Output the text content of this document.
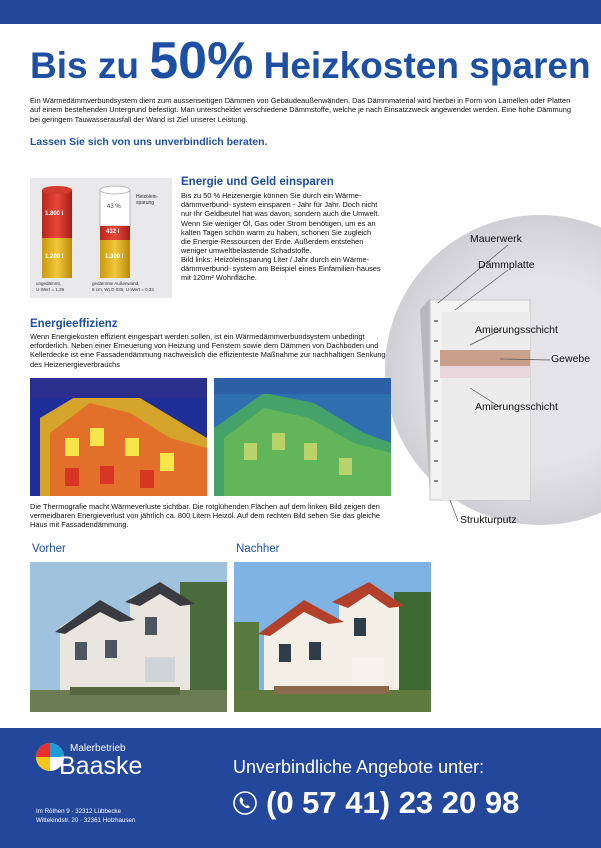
Bis zu 50% Heizkosten sparen
Ein Wärmedämmverbundsystem dient zum aussenseitigen Dämmen von Gebäudeaußenwänden. Das Dämmmaterial wird hierbei in Form von Lamellen oder Platten auf einem bestehenden Untergrund befestigt. Man unterscheidet verschiedene Dämmstoffe, welche je nach Einsatzzweck angewendet werden. Eine hohe Dämmung bei geringem Tauwasserausfall der Wand ist Ziel unserer Leistung.
Lassen Sie sich von uns unverbindlich beraten.
1.800 l
1.200 l
43 %
432 l
1.300 l
Heizölein-
sparung
ungedämmt,
U-Wert = 1,39
gedämmte Außenwand,
8 cm, WLG 035, U-Wert = 0,33
Energie und Geld einsparen
Bis zu 50 % Heizenergie können Sie durch ein Wärme-dämmverbund- system einsparen - Jahr für Jahr. Doch nicht nur Ihr Geldbeutel hat was davon, sondern auch die Umwelt. Wenn Sie weniger Öl, Gas oder Strom benötigen, um es an kalten Tagen schön warm zu haben, schonen Sie zugleich die Energie-Ressourcen der Erde. Außerdem entstehen weniger umweltbelastende Schadstoffe.
Bild links: Heizöleinsparung Liter / Jahr durch ein Wärme-dämmverbund- system am Beispiel eines Einfamilien-hauses mit 120m² Wohnfläche.
Mauerwerk
Dämmplatte
Amierungsschicht
Gewebe
Amierungsschicht
Strukturputz
Energieeffizienz
Wenn Energiekosten effizient eingespart werden sollen, ist ein Wärmedämmverbundsystem unbedingt erforderlich. Neben einer Erneuerung von Heizung und Fenstern sowie dem Dämmen von Dachboden und Kellerdecke ist eine Fassadendämmung nachweislich die effizienteste Maßnahme zur nachhaltigen Senkung des Heizenergieverbrauchs
Die Thermografie macht Wärmeverluste sichtbar. Die rotglühenden Flächen auf dem linken Bild zeigen den vermeidbaren Energieverlust von jährlich ca. 800 Litern Heizöl. Auf dem rechten Bild sehen Sie das gleiche Haus mit Fassadendämmung.
Vorher	Nachher
Malerbetrieb
Baaske
Im Röthen 9 · 32312 Lübbecke
Wittekindstr. 20 · 32361 Holzhausen
Unverbindliche Angebote unter:
(0 57 41) 23 20 98
